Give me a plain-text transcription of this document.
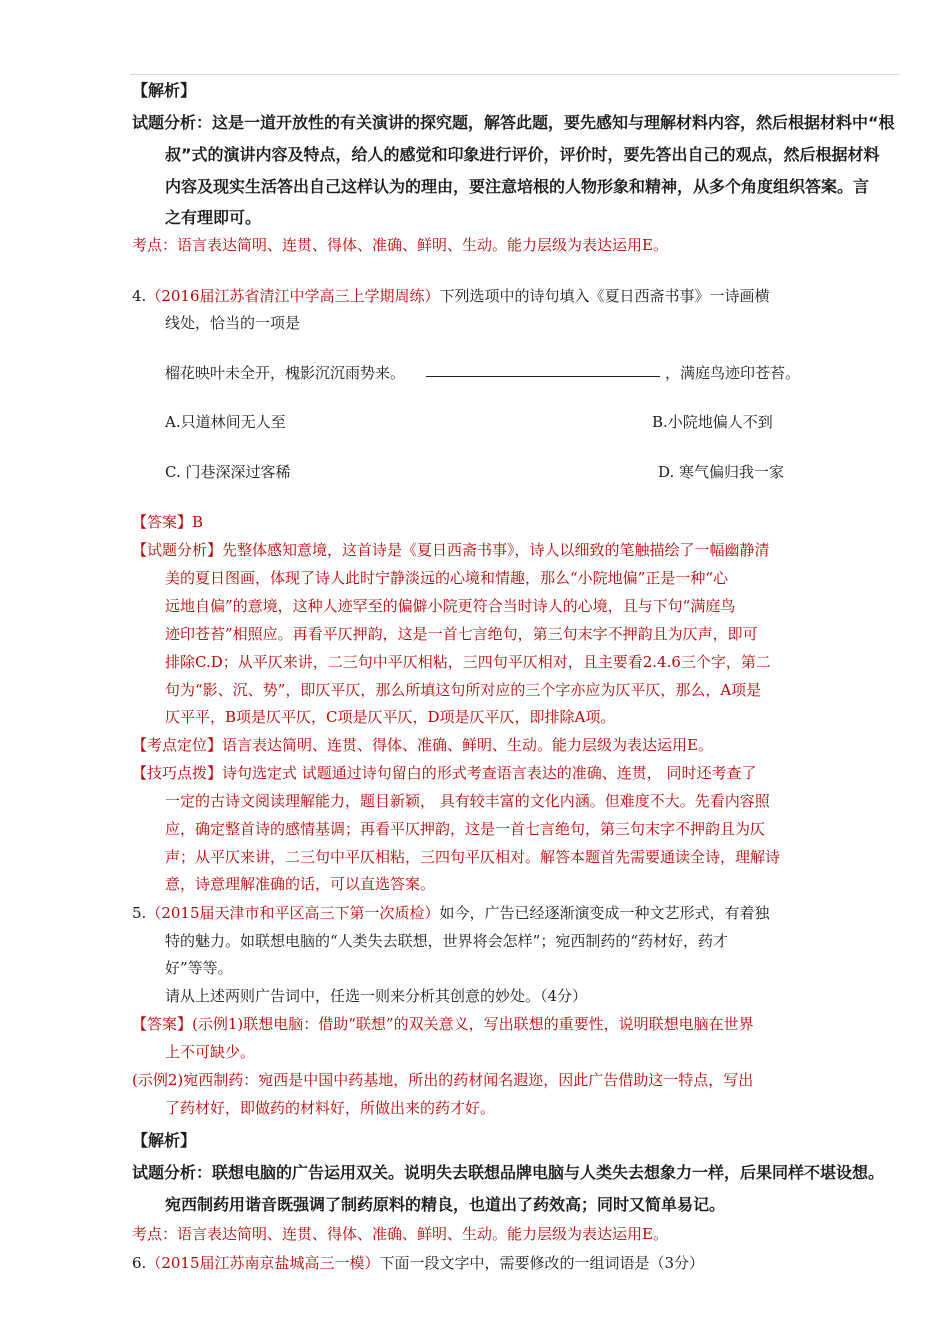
【解析】
试题分析：这是一道开放性的有关演讲的探究题，解答此题，要先感知与理解材料内容，然后根据材料中“根
叔”式的演讲内容及特点，给人的感觉和印象进行评价，评价时，要先答出自己的观点，然后根据材料
内容及现实生活答出自己这样认为的理由，要注意培根的人物形象和精神，从多个角度组织答案。言
之有理即可。
考点：语言表达简明、连贯、得体、准确、鲜明、生动。能力层级为表达运用E。
4.（2016届江苏省清江中学高三上学期周练）下列选项中的诗句填入《夏日西斋书事》一诗画横
线处，恰当的一项是
榴花映叶未全开，槐影沉沉雨势来。	，满庭鸟迹印苍苔。
A.只道林间无人至	B.小院地偏人不到
C. 门巷深深过客稀	D. 寒气偏归我一家
【答案】B
【试题分析】先整体感知意境，这首诗是《夏日西斋书事》，诗人以细致的笔触描绘了一幅幽静清
美的夏日图画，体现了诗人此时宁静淡远的心境和情趣，那么“小院地偏”正是一种“心
远地自偏”的意境，这种人迹罕至的偏僻小院更符合当时诗人的心境，且与下句“满庭鸟
迹印苍苔”相照应。再看平仄押韵，这是一首七言绝句，第三句末字不押韵且为仄声，即可
排除C.D；从平仄来讲，二三句中平仄相粘，三四句平仄相对，且主要看2.4.6三个字，第二
句为“影、沉、势”，即仄平仄，那么所填这句所对应的三个字亦应为仄平仄，那么，A项是
仄平平，B项是仄平仄，C项是仄平仄，D项是仄平仄，即排除A项。
【考点定位】语言表达简明、连贯、得体、准确、鲜明、生动。能力层级为表达运用E。
【技巧点拨】诗句选定式 试题通过诗句留白的形式考查语言表达的准确、连贯， 同时还考查了
一定的古诗文阅读理解能力，题目新颖， 具有较丰富的文化内涵。但难度不大。先看内容照
应，确定整首诗的感情基调；再看平仄押韵，这是一首七言绝句，第三句末字不押韵且为仄
声；从平仄来讲，二三句中平仄相粘，三四句平仄相对。解答本题首先需要通读全诗，理解诗
意，诗意理解准确的话，可以直选答案。
5.（2015届天津市和平区高三下第一次质检）如今，广告已经逐渐演变成一种文艺形式，有着独
特的魅力。如联想电脑的“人类失去联想，世界将会怎样”；宛西制药的“药材好，药才
好”等等。
请从上述两则广告词中，任选一则来分析其创意的妙处。（4分）
【答案】(示例1)联想电脑：借助“联想”的双关意义，写出联想的重要性，说明联想电脑在世界
上不可缺少。
(示例2)宛西制药：宛西是中国中药基地，所出的药材闻名遐迩，因此广告借助这一特点，写出
了药材好，即做药的材料好，所做出来的药才好。
【解析】
试题分析：联想电脑的广告运用双关。说明失去联想品牌电脑与人类失去想象力一样，后果同样不堪设想。
宛西制药用谐音既强调了制药原料的精良，也道出了药效高；同时又简单易记。
考点：语言表达简明、连贯、得体、准确、鲜明、生动。能力层级为表达运用E。
6.（2015届江苏南京盐城高三一模）下面一段文字中，需要修改的一组词语是（3分）
